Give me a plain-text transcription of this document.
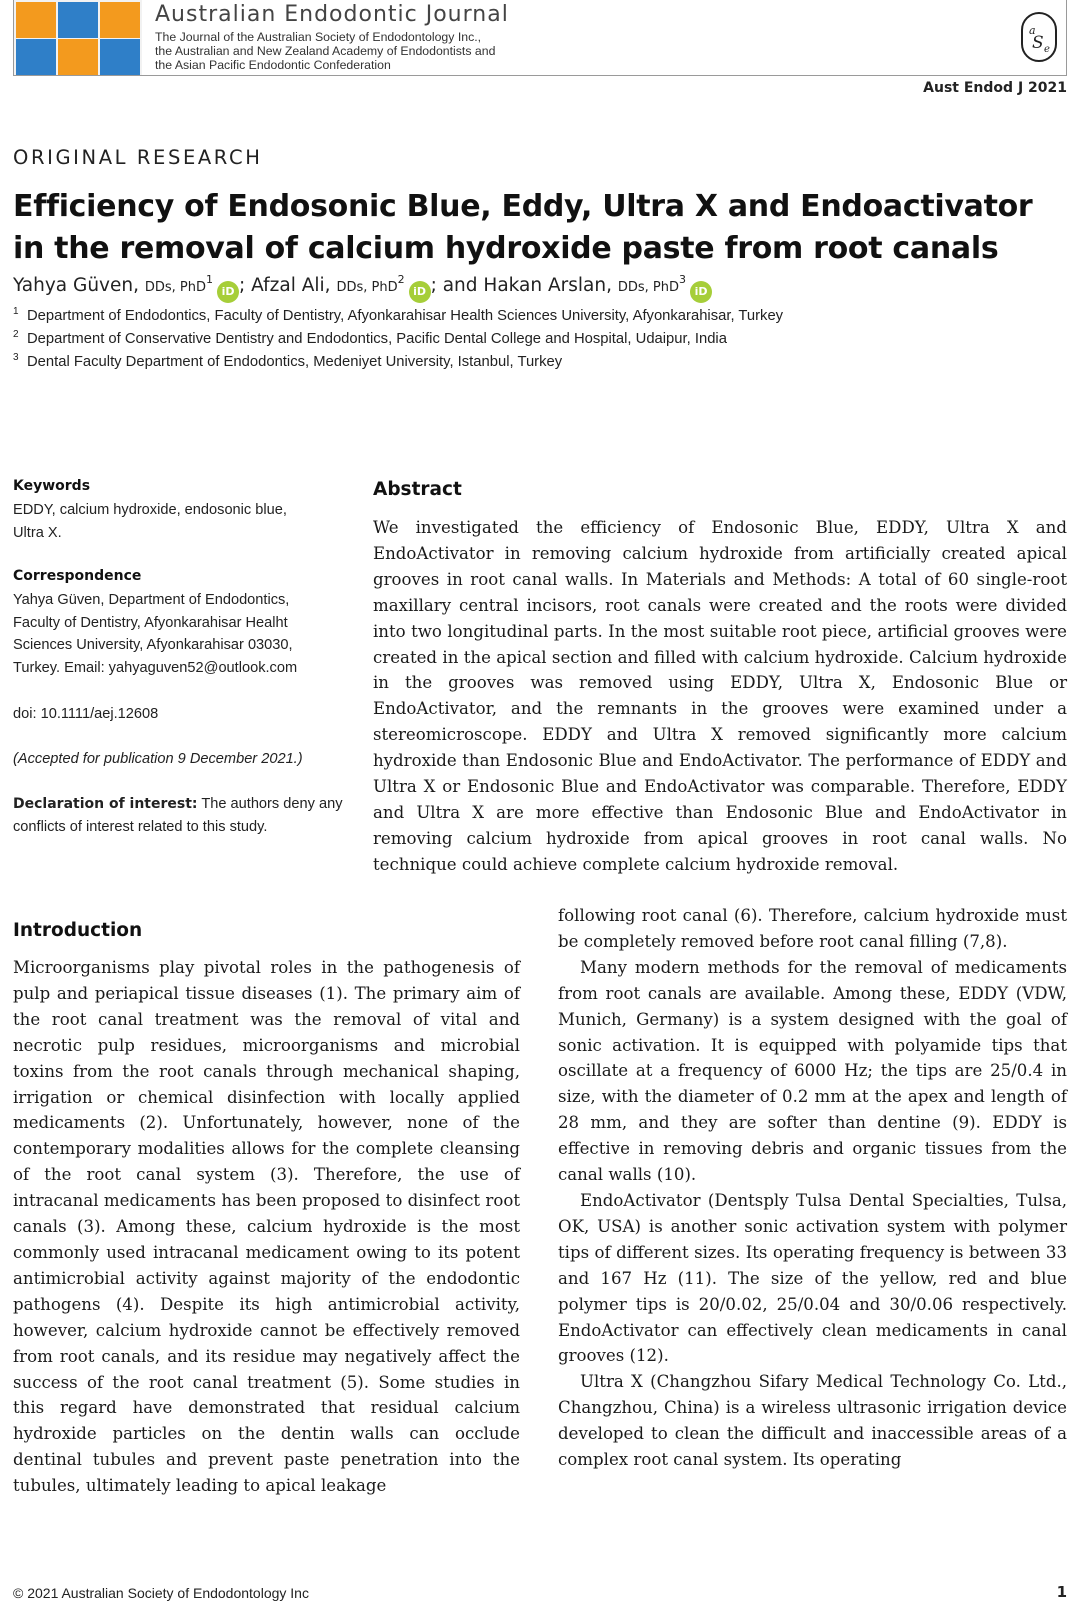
Australian Endodontic Journal
The Journal of the Australian Society of Endodontology Inc.,
the Australian and New Zealand Academy of Endodontists and
the Asian Pacific Endodontic Confederation
a
S e
Aust Endod J 2021
ORIGINAL RESEARCH
Efficiency of Endosonic Blue, Eddy, Ultra X and Endoactivator in the removal of calcium hydroxide paste from root canals
Yahya Güven, DDs, PhD$^1$iD ; Afzal Ali, DDs, PhD$^2$iD ; and Hakan Arslan, DDs, PhD$^3$iD
$^1$ Department of Endodontics, Faculty of Dentistry, Afyonkarahisar Health Sciences University, Afyonkarahisar, Turkey
$^2$ Department of Conservative Dentistry and Endodontics, Pacific Dental College and Hospital, Udaipur, India
$^3$ Dental Faculty Department of Endodontics, Medeniyet University, Istanbul, Turkey
Keywords
EDDY, calcium hydroxide, endosonic blue, Ultra X.
Correspondence
Yahya Güven, Department of Endodontics, Faculty of Dentistry, Afyonkarahisar Healht Sciences University, Afyonkarahisar 03030, Turkey. Email: yahyaguven52@outlook.com
doi: 10.1111/aej.12608
(Accepted for publication 9 December 2021.)
Declaration of interest: The authors deny any conflicts of interest related to this study.
Abstract

We investigated the efficiency of Endosonic Blue, EDDY, Ultra X and EndoActivator in removing calcium hydroxide from artificially created apical grooves in root canal walls. In Materials and Methods: A total of 60 single-root maxillary central incisors, root canals were created and the roots were divided into two longitudinal parts. In the most suitable root piece, artificial grooves were created in the apical section and filled with calcium hydroxide. Calcium hydroxide in the grooves was removed using EDDY, Ultra X, Endosonic Blue or EndoActivator, and the remnants in the grooves were examined under a stereomicroscope. EDDY and Ultra X removed significantly more calcium hydroxide than Endosonic Blue and EndoActivator. The performance of EDDY and Ultra X or Endosonic Blue and EndoActivator was comparable. Therefore, EDDY and Ultra X are more effective than Endosonic Blue and EndoActivator in removing calcium hydroxide from apical grooves in root canal walls. No technique could achieve complete calcium hydroxide removal.

Introduction

Microorganisms play pivotal roles in the pathogenesis of pulp and periapical tissue diseases (1). The primary aim of the root canal treatment was the removal of vital and necrotic pulp residues, microorganisms and microbial toxins from the root canals through mechanical shaping, irrigation or chemical disinfection with locally applied medicaments (2). Unfortunately, however, none of the contemporary modalities allows for the complete cleansing of the root canal system (3). Therefore, the use of intracanal medicaments has been proposed to disinfect root canals (3). Among these, calcium hydroxide is the most commonly used intracanal medicament owing to its potent antimicrobial activity against majority of the endodontic pathogens (4). Despite its high antimicrobial activity, however, calcium hydroxide cannot be effectively removed from root canals, and its residue may negatively affect the success of the root canal treatment (5). Some studies in this regard have demonstrated that residual calcium hydroxide particles on the dentin walls can occlude dentinal tubules and prevent paste penetration into the tubules, ultimately leading to apical leakage

following root canal (6). Therefore, calcium hydroxide must be completely removed before root canal filling (7,8).

Many modern methods for the removal of medicaments from root canals are available. Among these, EDDY (VDW, Munich, Germany) is a system designed with the goal of sonic activation. It is equipped with polyamide tips that oscillate at a frequency of 6000 Hz; the tips are 25/0.4 in size, with the diameter of 0.2 mm at the apex and length of 28 mm, and they are softer than dentine (9). EDDY is effective in removing debris and organic tissues from the canal walls (10).

EndoActivator (Dentsply Tulsa Dental Specialties, Tulsa, OK, USA) is another sonic activation system with polymer tips of different sizes. Its operating frequency is between 33 and 167 Hz (11). The size of the yellow, red and blue polymer tips is 20/0.02, 25/0.04 and 30/0.06 respectively. EndoActivator can effectively clean medicaments in canal grooves (12).

Ultra X (Changzhou Sifary Medical Technology Co. Ltd., Changzhou, China) is a wireless ultrasonic irrigation device developed to clean the difficult and inaccessible areas of a complex root canal system. Its operating

© 2021 Australian Society of Endodontology Inc	1
